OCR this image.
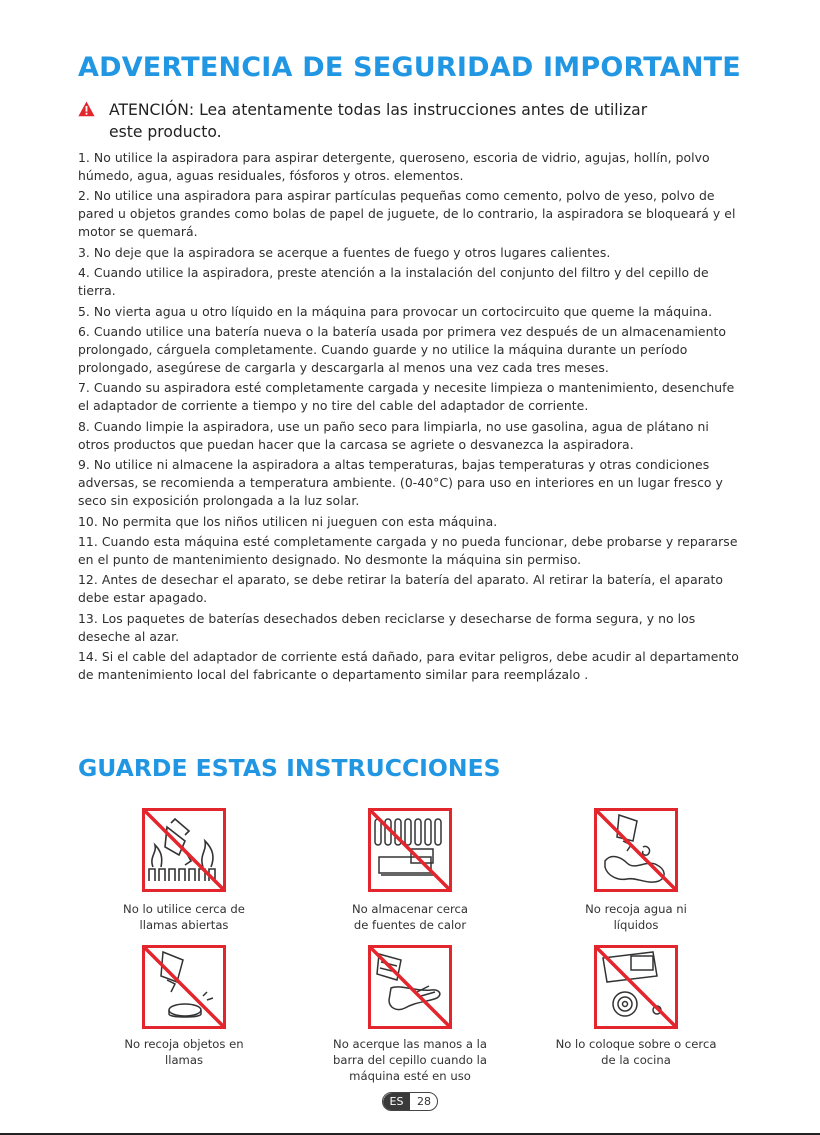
ADVERTENCIA DE SEGURIDAD IMPORTANTE
ATENCIÓN: Lea atentamente todas las instrucciones antes de utilizar
este producto.
1. No utilice la aspiradora para aspirar detergente, queroseno, escoria de vidrio, agujas, hollín, polvo húmedo, agua, aguas residuales, fósforos y otros. elementos.
2. No utilice una aspiradora para aspirar partículas pequeñas como cemento, polvo de yeso, polvo de pared u objetos grandes como bolas de papel de juguete, de lo contrario, la aspiradora se bloqueará y el motor se quemará.
3. No deje que la aspiradora se acerque a fuentes de fuego y otros lugares calientes.
4. Cuando utilice la aspiradora, preste atención a la instalación del conjunto del filtro y del cepillo de tierra.
5. No vierta agua u otro líquido en la máquina para provocar un cortocircuito que queme la máquina.
6. Cuando utilice una batería nueva o la batería usada por primera vez después de un almacenamiento prolongado, cárguela completamente. Cuando guarde y no utilice la máquina durante un período prolongado, asegúrese de cargarla y descargarla al menos una vez cada tres meses.
7. Cuando su aspiradora esté completamente cargada y necesite limpieza o mantenimiento, desenchufe el adaptador de corriente a tiempo y no tire del cable del adaptador de corriente.
8. Cuando limpie la aspiradora, use un paño seco para limpiarla, no use gasolina, agua de plátano ni otros productos que puedan hacer que la carcasa se agriete o desvanezca la aspiradora.
9. No utilice ni almacene la aspiradora a altas temperaturas, bajas temperaturas y otras condiciones adversas, se recomienda a temperatura ambiente. (0-40°C) para uso en interiores en un lugar fresco y seco sin exposición prolongada a la luz solar.
10. No permita que los niños utilicen ni jueguen con esta máquina.
11. Cuando esta máquina esté completamente cargada y no pueda funcionar, debe probarse y repararse en el punto de mantenimiento designado. No desmonte la máquina sin permiso.
12. Antes de desechar el aparato, se debe retirar la batería del aparato. Al retirar la batería, el aparato debe estar apagado.
13. Los paquetes de baterías desechados deben reciclarse y desecharse de forma segura, y no los deseche al azar.
14. Si el cable del adaptador de corriente está dañado, para evitar peligros, debe acudir al departamento de mantenimiento local del fabricante o departamento similar para reemplázalo .
GUARDE ESTAS INSTRUCCIONES
No lo utilice cerca de
llamas abiertas
No almacenar cerca
de fuentes de calor
No recoja agua ni
líquidos
No recoja objetos en
llamas
No acerque las manos a la
barra del cepillo cuando la
máquina esté en uso
No lo coloque sobre o cerca
de la cocina
ES	28
